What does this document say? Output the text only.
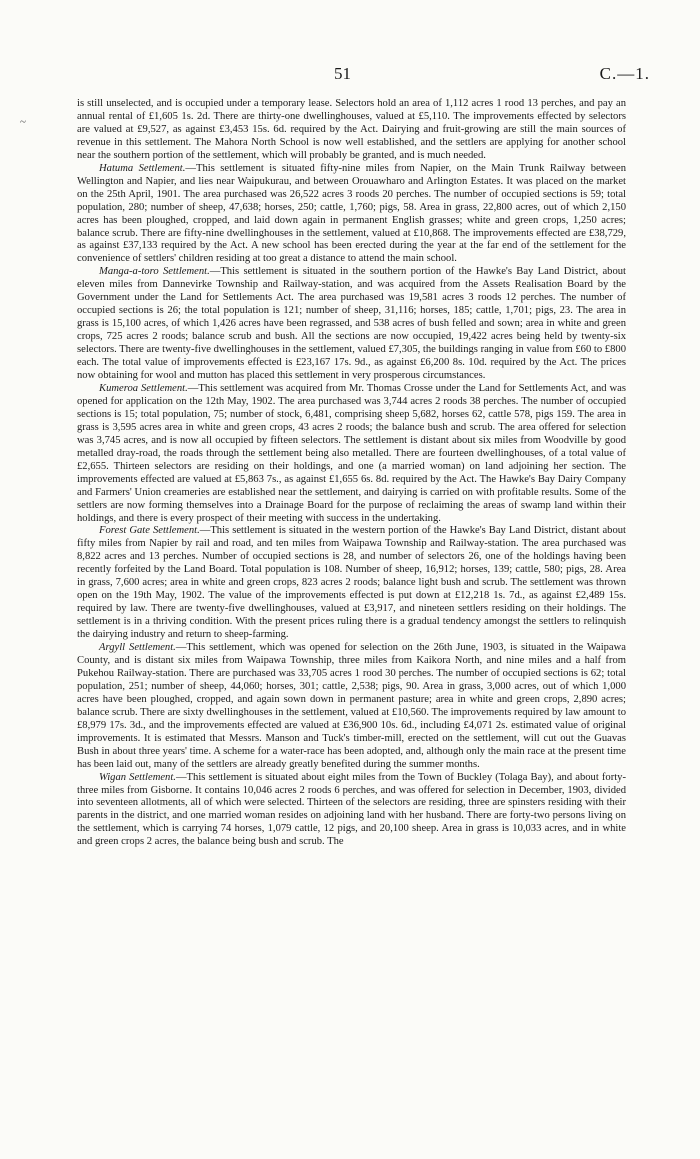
51	C.—1.
~

is still unselected, and is occupied under a temporary lease. Selectors hold an area of 1,112 acres 1 rood 13 perches, and pay an annual rental of £1,605 1s. 2d. There are thirty-one dwellinghouses, valued at £5,110. The improvements effected by selectors are valued at £9,527, as against £3,453 15s. 6d. required by the Act. Dairying and fruit-growing are still the main sources of revenue in this settlement. The Mahora North School is now well established, and the settlers are applying for another school near the southern portion of the settlement, which will probably be granted, and is much needed.

Hatuma Settlement.—This settlement is situated fifty-nine miles from Napier, on the Main Trunk Railway between Wellington and Napier, and lies near Waipukurau, and between Orouawharo and Arlington Estates. It was placed on the market on the 25th April, 1901. The area purchased was 26,522 acres 3 roods 20 perches. The number of occupied sections is 59; total population, 280; number of sheep, 47,638; horses, 250; cattle, 1,760; pigs, 58. Area in grass, 22,800 acres, out of which 2,150 acres has been ploughed, cropped, and laid down again in permanent English grasses; white and green crops, 1,250 acres; balance scrub. There are fifty-nine dwellinghouses in the settlement, valued at £10,868. The improvements effected are £38,729, as against £37,133 required by the Act. A new school has been erected during the year at the far end of the settlement for the convenience of settlers' children residing at too great a distance to attend the main school.

Manga-a-toro Settlement.—This settlement is situated in the southern portion of the Hawke's Bay Land District, about eleven miles from Dannevirke Township and Railway-station, and was acquired from the Assets Realisation Board by the Government under the Land for Settlements Act. The area purchased was 19,581 acres 3 roods 12 perches. The number of occupied sections is 26; the total population is 121; number of sheep, 31,116; horses, 185; cattle, 1,701; pigs, 23. The area in grass is 15,100 acres, of which 1,426 acres have been regrassed, and 538 acres of bush felled and sown; area in white and green crops, 725 acres 2 roods; balance scrub and bush. All the sections are now occupied, 19,422 acres being held by twenty-six selectors. There are twenty-five dwellinghouses in the settlement, valued £7,305, the buildings ranging in value from £60 to £800 each. The total value of improvements effected is £23,167 17s. 9d., as against £6,200 8s. 10d. required by the Act. The prices now obtaining for wool and mutton has placed this settlement in very prosperous circumstances.

Kumeroa Settlement.—This settlement was acquired from Mr. Thomas Crosse under the Land for Settlements Act, and was opened for application on the 12th May, 1902. The area purchased was 3,744 acres 2 roods 38 perches. The number of occupied sections is 15; total population, 75; number of stock, 6,481, comprising sheep 5,682, horses 62, cattle 578, pigs 159. The area in grass is 3,595 acres area in white and green crops, 43 acres 2 roods; the balance bush and scrub. The area offered for selection was 3,745 acres, and is now all occupied by fifteen selectors. The settlement is distant about six miles from Woodville by good metalled dray-road, the roads through the settlement being also metalled. There are fourteen dwellinghouses, of a total value of £2,655. Thirteen selectors are residing on their holdings, and one (a married woman) on land adjoining her section. The improvements effected are valued at £5,863 7s., as against £1,655 6s. 8d. required by the Act. The Hawke's Bay Dairy Company and Farmers' Union creameries are established near the settlement, and dairying is carried on with profitable results. Some of the settlers are now forming themselves into a Drainage Board for the purpose of reclaiming the areas of swamp land within their holdings, and there is every prospect of their meeting with success in the undertaking.

Forest Gate Settlement.—This settlement is situated in the western portion of the Hawke's Bay Land District, distant about fifty miles from Napier by rail and road, and ten miles from Waipawa Township and Railway-station. The area purchased was 8,822 acres and 13 perches. Number of occupied sections is 28, and number of selectors 26, one of the holdings having been recently forfeited by the Land Board. Total population is 108. Number of sheep, 16,912; horses, 139; cattle, 580; pigs, 28. Area in grass, 7,600 acres; area in white and green crops, 823 acres 2 roods; balance light bush and scrub. The settlement was thrown open on the 19th May, 1902. The value of the improvements effected is put down at £12,218 1s. 7d., as against £2,489 15s. required by law. There are twenty-five dwellinghouses, valued at £3,917, and nineteen settlers residing on their holdings. The settlement is in a thriving condition. With the present prices ruling there is a gradual tendency amongst the settlers to relinquish the dairying industry and return to sheep-farming.

Argyll Settlement.—This settlement, which was opened for selection on the 26th June, 1903, is situated in the Waipawa County, and is distant six miles from Waipawa Township, three miles from Kaikora North, and nine miles and a half from Pukehou Railway-station. There are purchased was 33,705 acres 1 rood 30 perches. The number of occupied sections is 62; total population, 251; number of sheep, 44,060; horses, 301; cattle, 2,538; pigs, 90. Area in grass, 3,000 acres, out of which 1,000 acres have been ploughed, cropped, and again sown down in permanent pasture; area in white and green crops, 2,890 acres; balance scrub. There are sixty dwellinghouses in the settlement, valued at £10,560. The improvements required by law amount to £8,979 17s. 3d., and the improvements effected are valued at £36,900 10s. 6d., including £4,071 2s. estimated value of original improvements. It is estimated that Messrs. Manson and Tuck's timber-mill, erected on the settlement, will cut out the Guavas Bush in about three years' time. A scheme for a water-race has been adopted, and, although only the main race at the present time has been laid out, many of the settlers are already greatly benefited during the summer months.

Wigan Settlement.—This settlement is situated about eight miles from the Town of Buckley (Tolaga Bay), and about forty-three miles from Gisborne. It contains 10,046 acres 2 roods 6 perches, and was offered for selection in December, 1903, divided into seventeen allotments, all of which were selected. Thirteen of the selectors are residing, three are spinsters residing with their parents in the district, and one married woman resides on adjoining land with her husband. There are forty-two persons living on the settlement, which is carrying 74 horses, 1,079 cattle, 12 pigs, and 20,100 sheep. Area in grass is 10,033 acres, and in white and green crops 2 acres, the balance being bush and scrub. The
